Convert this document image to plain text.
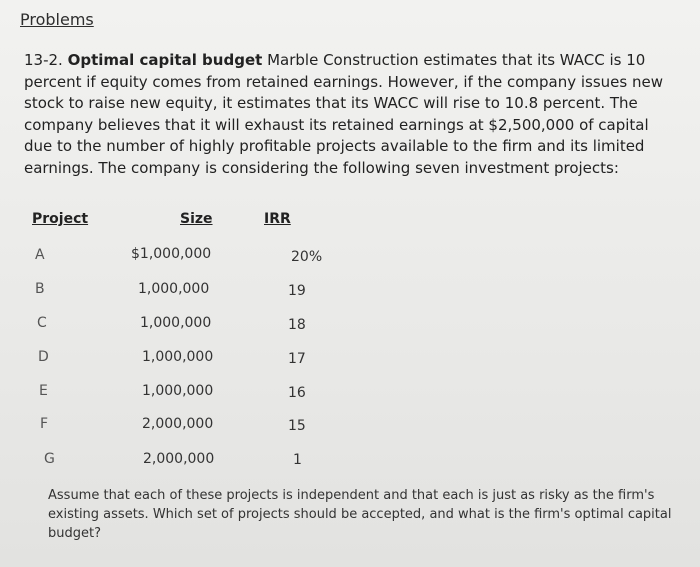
Problems
13-2. Optimal capital budget Marble Construction estimates that its WACC is 10 percent if equity comes from retained earnings. However, if the company issues new stock to raise new equity, it estimates that its WACC will rise to 10.8 percent. The company believes that it will exhaust its retained earnings at $2,500,000 of capital due to the number of highly profitable projects available to the firm and its limited earnings. The company is considering the following seven investment projects:
Project	Size	IRR
A	$1,000,000	20%
B	1,000,000	19
C	1,000,000	18
D	1,000,000	17
E	1,000,000	16
F	2,000,000	15
G	2,000,000	1
Assume that each of these projects is independent and that each is just as risky as the firm's existing assets. Which set of projects should be accepted, and what is the firm's optimal capital budget?
